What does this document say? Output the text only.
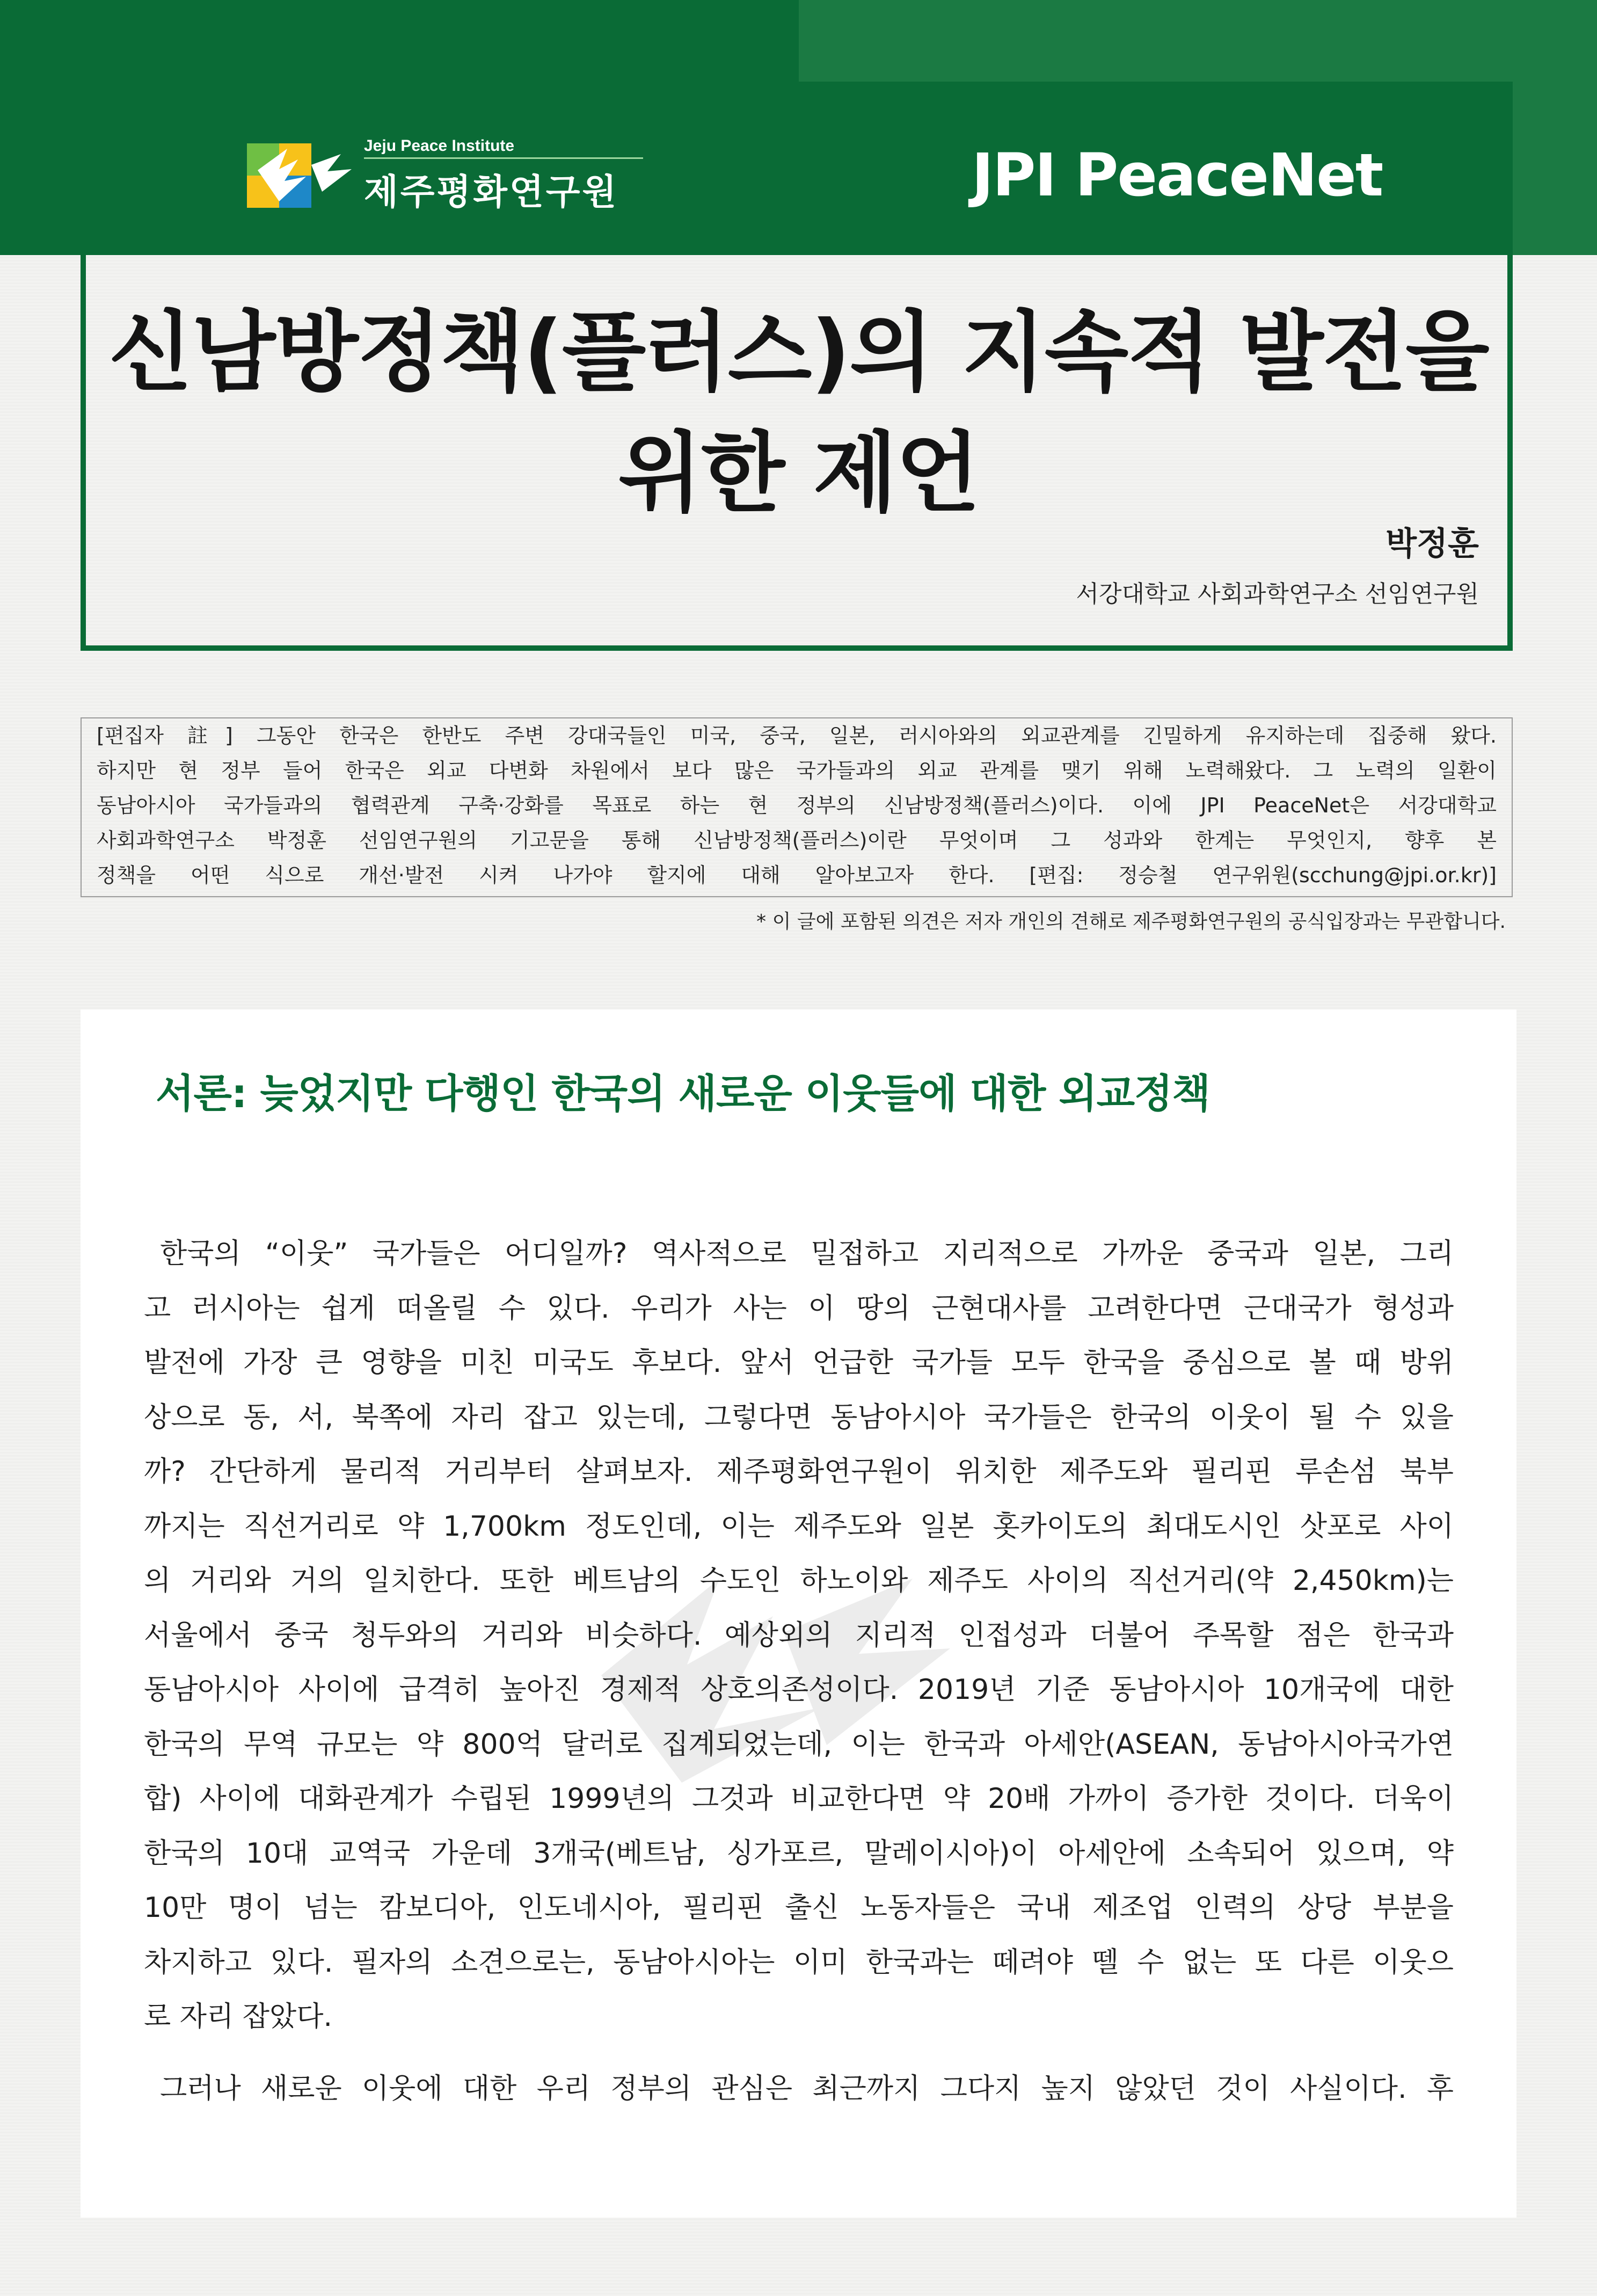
Jeju Peace Institute
제주평화연구원	JPI PeaceNet
신남방정책(플러스)의 지속적 발전을
위한 제언
박정훈
서강대학교 사회과학연구소 선임연구원
[편집자 註] 그동안 한국은 한반도 주변 강대국들인 미국, 중국, 일본, 러시아와의 외교관계를 긴밀하게 유지하는데 집중해 왔다.
하지만 현 정부 들어 한국은 외교 다변화 차원에서 보다 많은 국가들과의 외교 관계를 맺기 위해 노력해왔다. 그 노력의 일환이
동남아시아 국가들과의 협력관계 구축·강화를 목표로 하는 현 정부의 신남방정책(플러스)이다. 이에 JPI PeaceNet은 서강대학교
사회과학연구소 박정훈 선임연구원의 기고문을 통해 신남방정책(플러스)이란 무엇이며 그 성과와 한계는 무엇인지, 향후 본
정책을 어떤 식으로 개선·발전 시켜 나가야 할지에 대해 알아보고자 한다. [편집: 정승철 연구위원(scchung@jpi.or.kr)]
* 이 글에 포함된 의견은 저자 개인의 견해로 제주평화연구원의 공식입장과는 무관합니다.
서론: 늦었지만 다행인 한국의 새로운 이웃들에 대한 외교정책
한국의 “이웃” 국가들은 어디일까? 역사적으로 밀접하고 지리적으로 가까운 중국과 일본, 그리
고 러시아는 쉽게 떠올릴 수 있다. 우리가 사는 이 땅의 근현대사를 고려한다면 근대국가 형성과
발전에 가장 큰 영향을 미친 미국도 후보다. 앞서 언급한 국가들 모두 한국을 중심으로 볼 때 방위
상으로 동, 서, 북쪽에 자리 잡고 있는데, 그렇다면 동남아시아 국가들은 한국의 이웃이 될 수 있을
까? 간단하게 물리적 거리부터 살펴보자. 제주평화연구원이 위치한 제주도와 필리핀 루손섬 북부
까지는 직선거리로 약 1,700km 정도인데, 이는 제주도와 일본 홋카이도의 최대도시인 삿포로 사이
의 거리와 거의 일치한다. 또한 베트남의 수도인 하노이와 제주도 사이의 직선거리(약 2,450km)는
서울에서 중국 청두와의 거리와 비슷하다. 예상외의 지리적 인접성과 더불어 주목할 점은 한국과
동남아시아 사이에 급격히 높아진 경제적 상호의존성이다. 2019년 기준 동남아시아 10개국에 대한
한국의 무역 규모는 약 800억 달러로 집계되었는데, 이는 한국과 아세안(ASEAN, 동남아시아국가연
합) 사이에 대화관계가 수립된 1999년의 그것과 비교한다면 약 20배 가까이 증가한 것이다. 더욱이
한국의 10대 교역국 가운데 3개국(베트남, 싱가포르, 말레이시아)이 아세안에 소속되어 있으며, 약
10만 명이 넘는 캄보디아, 인도네시아, 필리핀 출신 노동자들은 국내 제조업 인력의 상당 부분을
차지하고 있다. 필자의 소견으로는, 동남아시아는 이미 한국과는 떼려야 뗄 수 없는 또 다른 이웃으
로 자리 잡았다.
그러나 새로운 이웃에 대한 우리 정부의 관심은 최근까지 그다지 높지 않았던 것이 사실이다. 후
